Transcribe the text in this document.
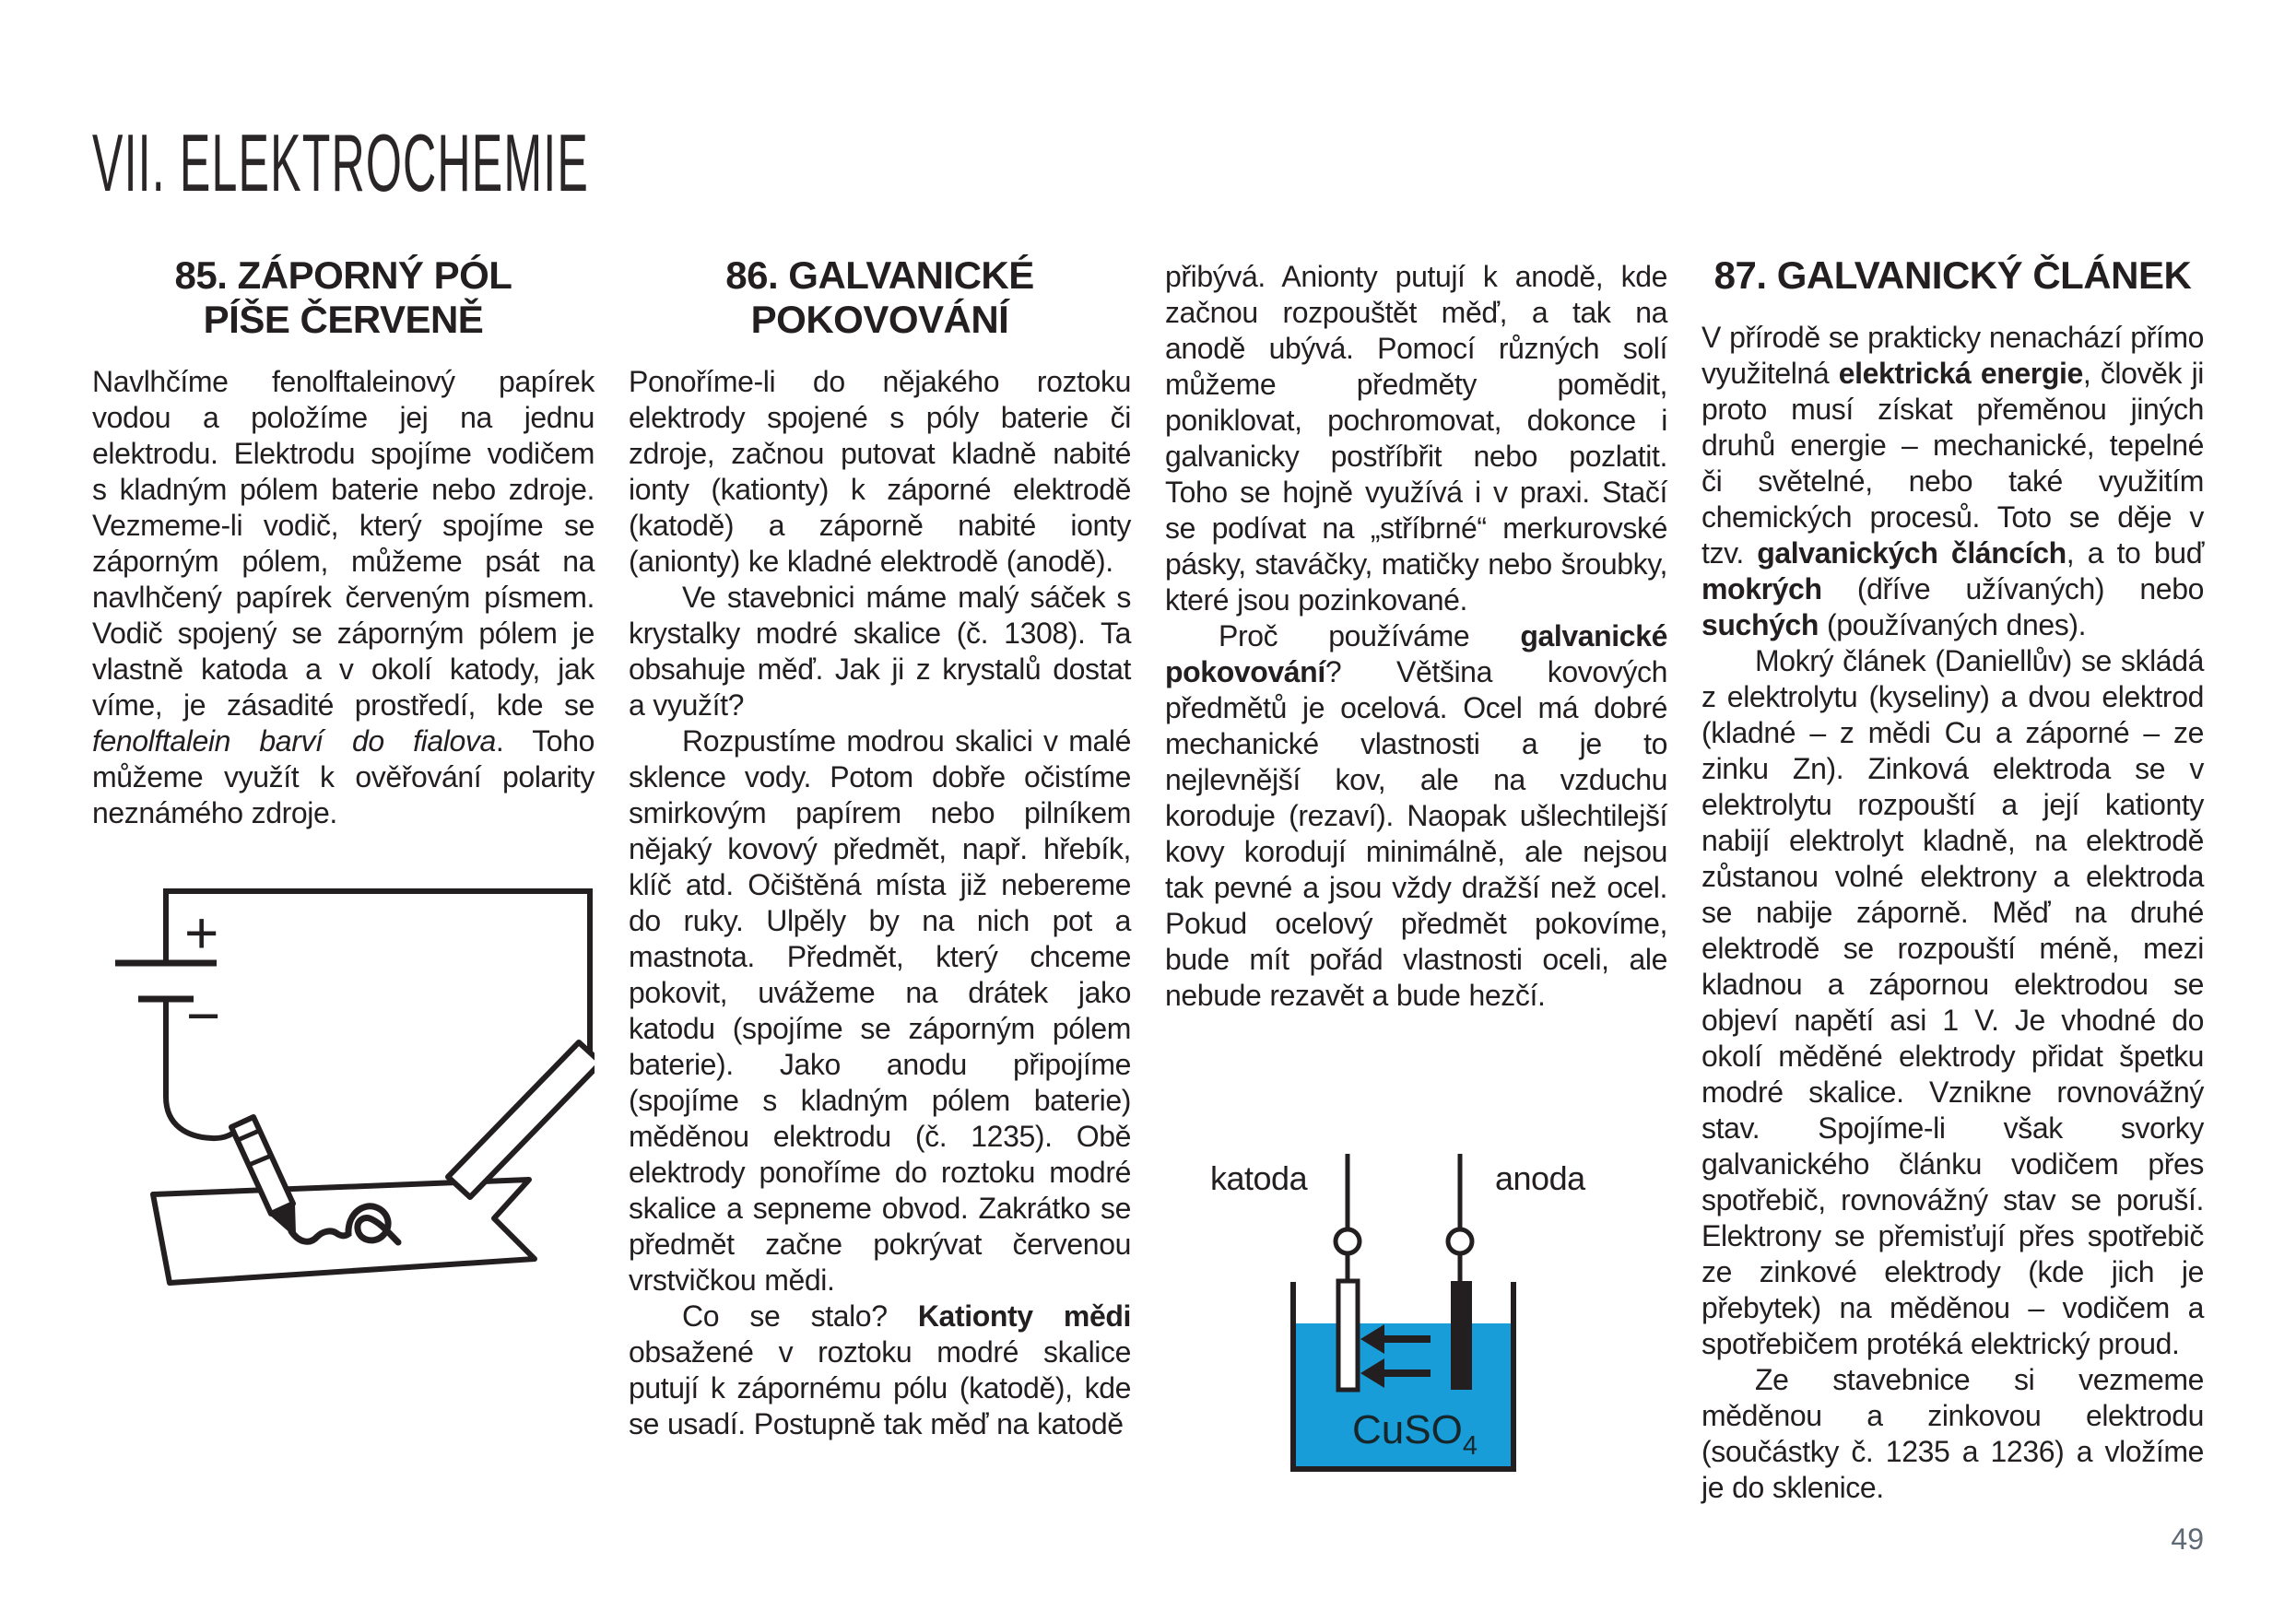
VII. ELEKTROCHEMIE
85. ZÁPORNÝ PÓL
PÍŠE ČERVENĚ

Navlhčíme fenolftaleinový papírek vodou a položíme jej na jednu elektrodu. Elektrodu spojíme vodičem s kladným pólem baterie nebo zdroje. Vezmeme-li vodič, který spojíme se záporným pólem, můžeme psát na navlhčený papírek červeným písmem. Vodič spojený se záporným pólem je vlastně katoda a v okolí katody, jak víme, je zásadité prostředí, kde se fenolftalein barví do fialova. Toho můžeme využít k ověřování polarity neznámého zdroje.

86. GALVANICKÉ
POKOVOVÁNÍ

Ponoříme-li do nějakého roztoku elektrody spojené s póly baterie či zdroje, začnou putovat kladně nabité ionty (kationty) k záporné elektrodě (katodě) a záporně nabité ionty (anionty) ke kladné elektrodě (anodě).

Ve stavebnici máme malý sáček s krystalky modré skalice (č. 1308). Ta obsahuje měď. Jak ji z krystalů dostat a využít?

Rozpustíme modrou skalici v malé sklence vody. Potom dobře očistíme smirkovým papírem nebo pilníkem nějaký kovový předmět, např. hřebík, klíč atd. Očištěná místa již nebereme do ruky. Ulpěly by na nich pot a mastnota. Předmět, který chceme pokovit, uvážeme na drátek jako katodu (spojíme se záporným pólem baterie). Jako anodu připojíme (spojíme s kladným pólem baterie) měděnou elektrodu (č. 1235). Obě elektrody ponoříme do roztoku modré skalice a sepneme obvod. Zakrátko se předmět začne pokrývat červenou vrstvičkou mědi.

Co se stalo? Kationty mědi obsažené v roztoku modré skalice putují k zápornému pólu (katodě), kde se usadí. Postupně tak měď na katodě

přibývá. Anionty putují k anodě, kde začnou rozpouštět měď, a tak na anodě ubývá. Pomocí různých solí můžeme předměty pomědit, poniklovat, pochromovat, dokonce i galvanicky postříbřit nebo pozlatit. Toho se hojně využívá i v praxi. Stačí se podívat na „stříbrné“ merkurovské pásky, staváčky, matičky nebo šroubky, které jsou pozinkované.

Proč používáme galvanické pokovování? Většina kovových předmětů je ocelová. Ocel má dobré mechanické vlastnosti a je to nejlevnější kov, ale na vzduchu koroduje (rezaví). Naopak ušlechtilejší kovy korodují minimálně, ale nejsou tak pevné a jsou vždy dražší než ocel. Pokud ocelový předmět pokovíme, bude mít pořád vlastnosti oceli, ale nebude rezavět a bude hezčí.

87. GALVANICKÝ ČLÁNEK

V přírodě se prakticky nenachází přímo využitelná elektrická energie, člověk ji proto musí získat přeměnou jiných druhů energie – mechanické, tepelné či světelné, nebo také využitím chemických procesů. Toto se děje v tzv. galvanických článcích, a to buď mokrých (dříve užívaných) nebo suchých (používaných dnes).

Mokrý článek (Daniellův) se skládá z elektrolytu (kyseliny) a dvou elektrod (kladné – z mědi Cu a záporné – ze zinku Zn). Zinková elektroda se v elektrolytu rozpouští a její kationty nabijí elektrolyt kladně, na elektrodě zůstanou volné elektrony a elektroda se nabije záporně. Měď na druhé elektrodě se rozpouští méně, mezi kladnou a zápornou elektrodou se objeví napětí asi 1 V. Je vhodné do okolí měděné elektrody přidat špetku modré skalice. Vznikne rovnovážný stav. Spojíme-li však svorky galvanického článku vodičem přes spotřebič, rovnovážný stav se poruší. Elektrony se přemisťují přes spotřebič ze zinkové elektrody (kde jich je přebytek) na měděnou – vodičem a spotřebičem protéká elektrický proud.

Ze stavebnice si vezmeme měděnou a zinkovou elektrodu (součástky č. 1235 a 1236) a vložíme je do sklenice.

+
−
CuSO$_4$
katoda	anoda
49
